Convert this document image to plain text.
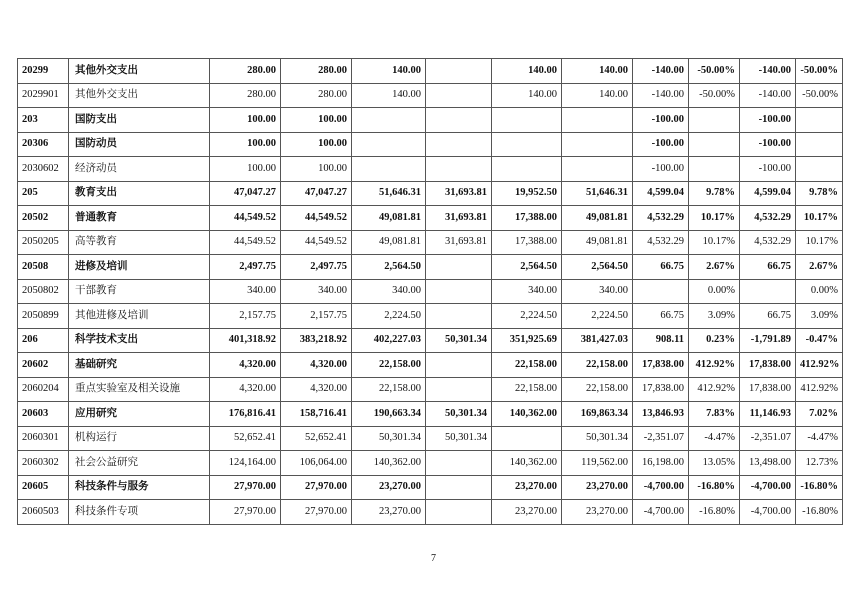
20299	其他外交支出	280.00	280.00	140.00		140.00	140.00	-140.00	-50.00%	-140.00	-50.00%
2029901	其他外交支出	280.00	280.00	140.00		140.00	140.00	-140.00	-50.00%	-140.00	-50.00%
203	国防支出	100.00	100.00					-100.00		-100.00	
20306	国防动员	100.00	100.00					-100.00		-100.00	
2030602	经济动员	100.00	100.00					-100.00		-100.00	
205	教育支出	47,047.27	47,047.27	51,646.31	31,693.81	19,952.50	51,646.31	4,599.04	9.78%	4,599.04	9.78%
20502	普通教育	44,549.52	44,549.52	49,081.81	31,693.81	17,388.00	49,081.81	4,532.29	10.17%	4,532.29	10.17%
2050205	高等教育	44,549.52	44,549.52	49,081.81	31,693.81	17,388.00	49,081.81	4,532.29	10.17%	4,532.29	10.17%
20508	进修及培训	2,497.75	2,497.75	2,564.50		2,564.50	2,564.50	66.75	2.67%	66.75	2.67%
2050802	干部教育	340.00	340.00	340.00		340.00	340.00		0.00%		0.00%
2050899	其他进修及培训	2,157.75	2,157.75	2,224.50		2,224.50	2,224.50	66.75	3.09%	66.75	3.09%
206	科学技术支出	401,318.92	383,218.92	402,227.03	50,301.34	351,925.69	381,427.03	908.11	0.23%	-1,791.89	-0.47%
20602	基础研究	4,320.00	4,320.00	22,158.00		22,158.00	22,158.00	17,838.00	412.92%	17,838.00	412.92%
2060204	重点实验室及相关设施	4,320.00	4,320.00	22,158.00		22,158.00	22,158.00	17,838.00	412.92%	17,838.00	412.92%
20603	应用研究	176,816.41	158,716.41	190,663.34	50,301.34	140,362.00	169,863.34	13,846.93	7.83%	11,146.93	7.02%
2060301	机构运行	52,652.41	52,652.41	50,301.34	50,301.34		50,301.34	-2,351.07	-4.47%	-2,351.07	-4.47%
2060302	社会公益研究	124,164.00	106,064.00	140,362.00		140,362.00	119,562.00	16,198.00	13.05%	13,498.00	12.73%
20605	科技条件与服务	27,970.00	27,970.00	23,270.00		23,270.00	23,270.00	-4,700.00	-16.80%	-4,700.00	-16.80%
2060503	科技条件专项	27,970.00	27,970.00	23,270.00		23,270.00	23,270.00	-4,700.00	-16.80%	-4,700.00	-16.80%
7
